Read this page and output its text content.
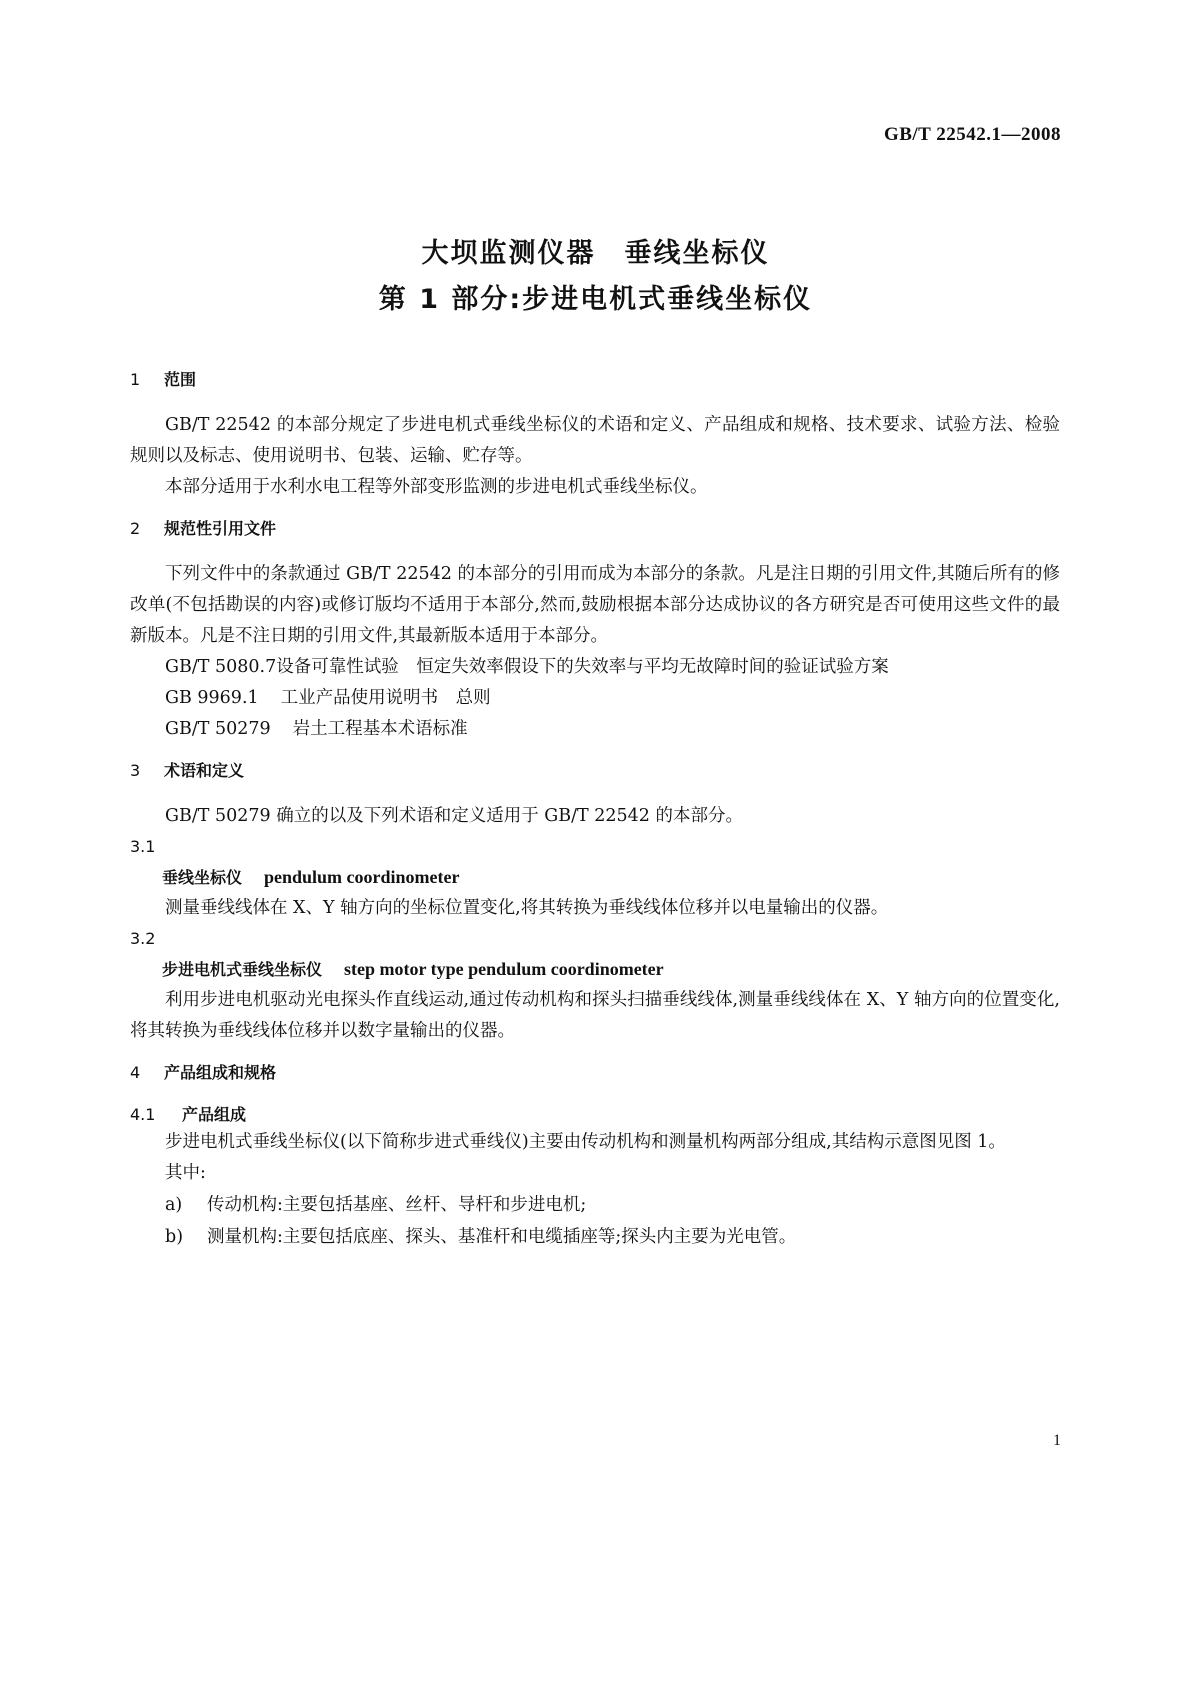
GB/T 22542.1—2008
大坝监测仪器　垂线坐标仪
第 1 部分:步进电机式垂线坐标仪
1 范围

GB/T 22542 的本部分规定了步进电机式垂线坐标仪的术语和定义、产品组成和规格、技术要求、试验方法、检验规则以及标志、使用说明书、包装、运输、贮存等。

本部分适用于水利水电工程等外部变形监测的步进电机式垂线坐标仪。

2 规范性引用文件

下列文件中的条款通过 GB/T 22542 的本部分的引用而成为本部分的条款。凡是注日期的引用文件,其随后所有的修改单(不包括勘误的内容)或修订版均不适用于本部分,然而,鼓励根据本部分达成协议的各方研究是否可使用这些文件的最新版本。凡是不注日期的引用文件,其最新版本适用于本部分。

GB/T 5080.7设备可靠性试验　恒定失效率假设下的失效率与平均无故障时间的验证试验方案

GB 9969.1 工业产品使用说明书　总则

GB/T 50279 岩土工程基本术语标准

3 术语和定义

GB/T 50279 确立的以及下列术语和定义适用于 GB/T 22542 的本部分。

3.1

垂线坐标仪 pendulum coordinometer

测量垂线线体在 X、Y 轴方向的坐标位置变化,将其转换为垂线线体位移并以电量输出的仪器。

3.2

步进电机式垂线坐标仪 step motor type pendulum coordinometer

利用步进电机驱动光电探头作直线运动,通过传动机构和探头扫描垂线线体,测量垂线线体在 X、Y 轴方向的位置变化,将其转换为垂线线体位移并以数字量输出的仪器。

4 产品组成和规格
4.1 产品组成

步进电机式垂线坐标仪(以下简称步进式垂线仪)主要由传动机构和测量机构两部分组成,其结构示意图见图 1。

其中:

a) 传动机构:主要包括基座、丝杆、导杆和步进电机;

b) 测量机构:主要包括底座、探头、基准杆和电缆插座等;探头内主要为光电管。

1
